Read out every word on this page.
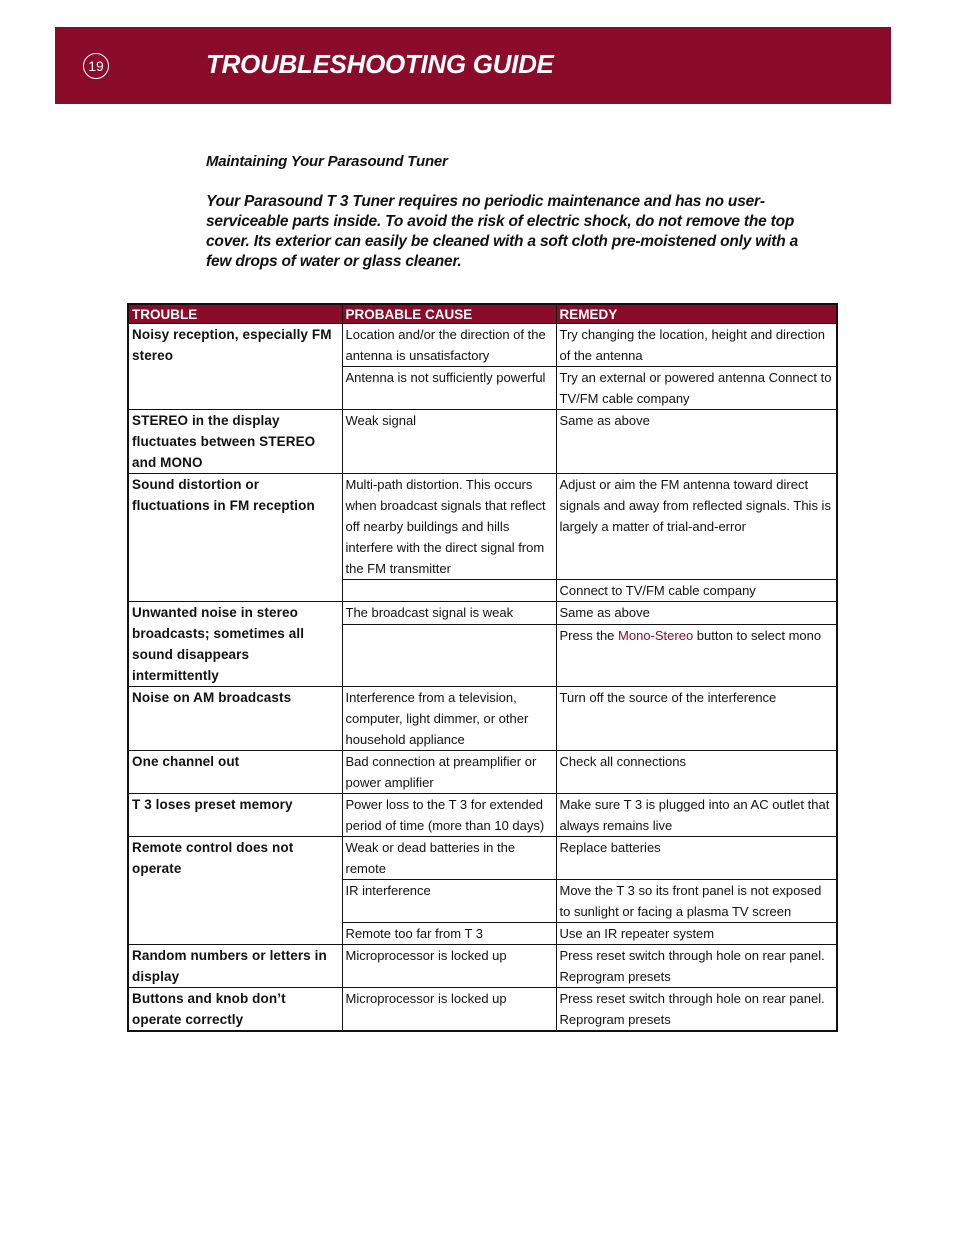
19	TROUBLESHOOTING GUIDE

Maintaining Your Parasound Tuner

Your Parasound T 3 Tuner requires no periodic maintenance and has no user-serviceable parts inside. To avoid the risk of electric shock, do not remove the top cover. Its exterior can easily be cleaned with a soft cloth pre-moistened only with a few drops of water or glass cleaner.

TROUBLE	PROBABLE CAUSE	REMEDY
Noisy reception, especially FM stereo	Location and/or the direction of the antenna is unsatisfactory	Try changing the location, height and direction of the antenna
	Antenna is not sufficiently powerful	Try an external or powered antenna Connect to TV/FM cable company
STEREO in the display fluctuates between STEREO and MONO	Weak signal	Same as above
Sound distortion or fluctuations in FM reception	Multi-path distortion. This occurs when broadcast signals that reflect off nearby buildings and hills interfere with the direct signal from the FM transmitter	Adjust or aim the FM antenna toward direct signals and away from reflected signals. This is largely a matter of trial-and-error
		Connect to TV/FM cable company
Unwanted noise in stereo broadcasts; sometimes all sound disappears intermittently	The broadcast signal is weak	Same as above
		Press the Mono-Stereo button to select mono
Noise on AM broadcasts	Interference from a television, computer, light dimmer, or other household appliance	Turn off the source of the interference
One channel out	Bad connection at preamplifier or power amplifier	Check all connections
T 3 loses preset memory	Power loss to the T 3 for extended period of time (more than 10 days)	Make sure T 3 is plugged into an AC outlet that always remains live
Remote control does not operate	Weak or dead batteries in the remote	Replace batteries
	IR interference	Move the T 3 so its front panel is not exposed to sunlight or facing a plasma TV screen
	Remote too far from T 3	Use an IR repeater system
Random numbers or letters in display	Microprocessor is locked up	Press reset switch through hole on rear panel. Reprogram presets
Buttons and knob don’t operate correctly	Microprocessor is locked up	Press reset switch through hole on rear panel. Reprogram presets
